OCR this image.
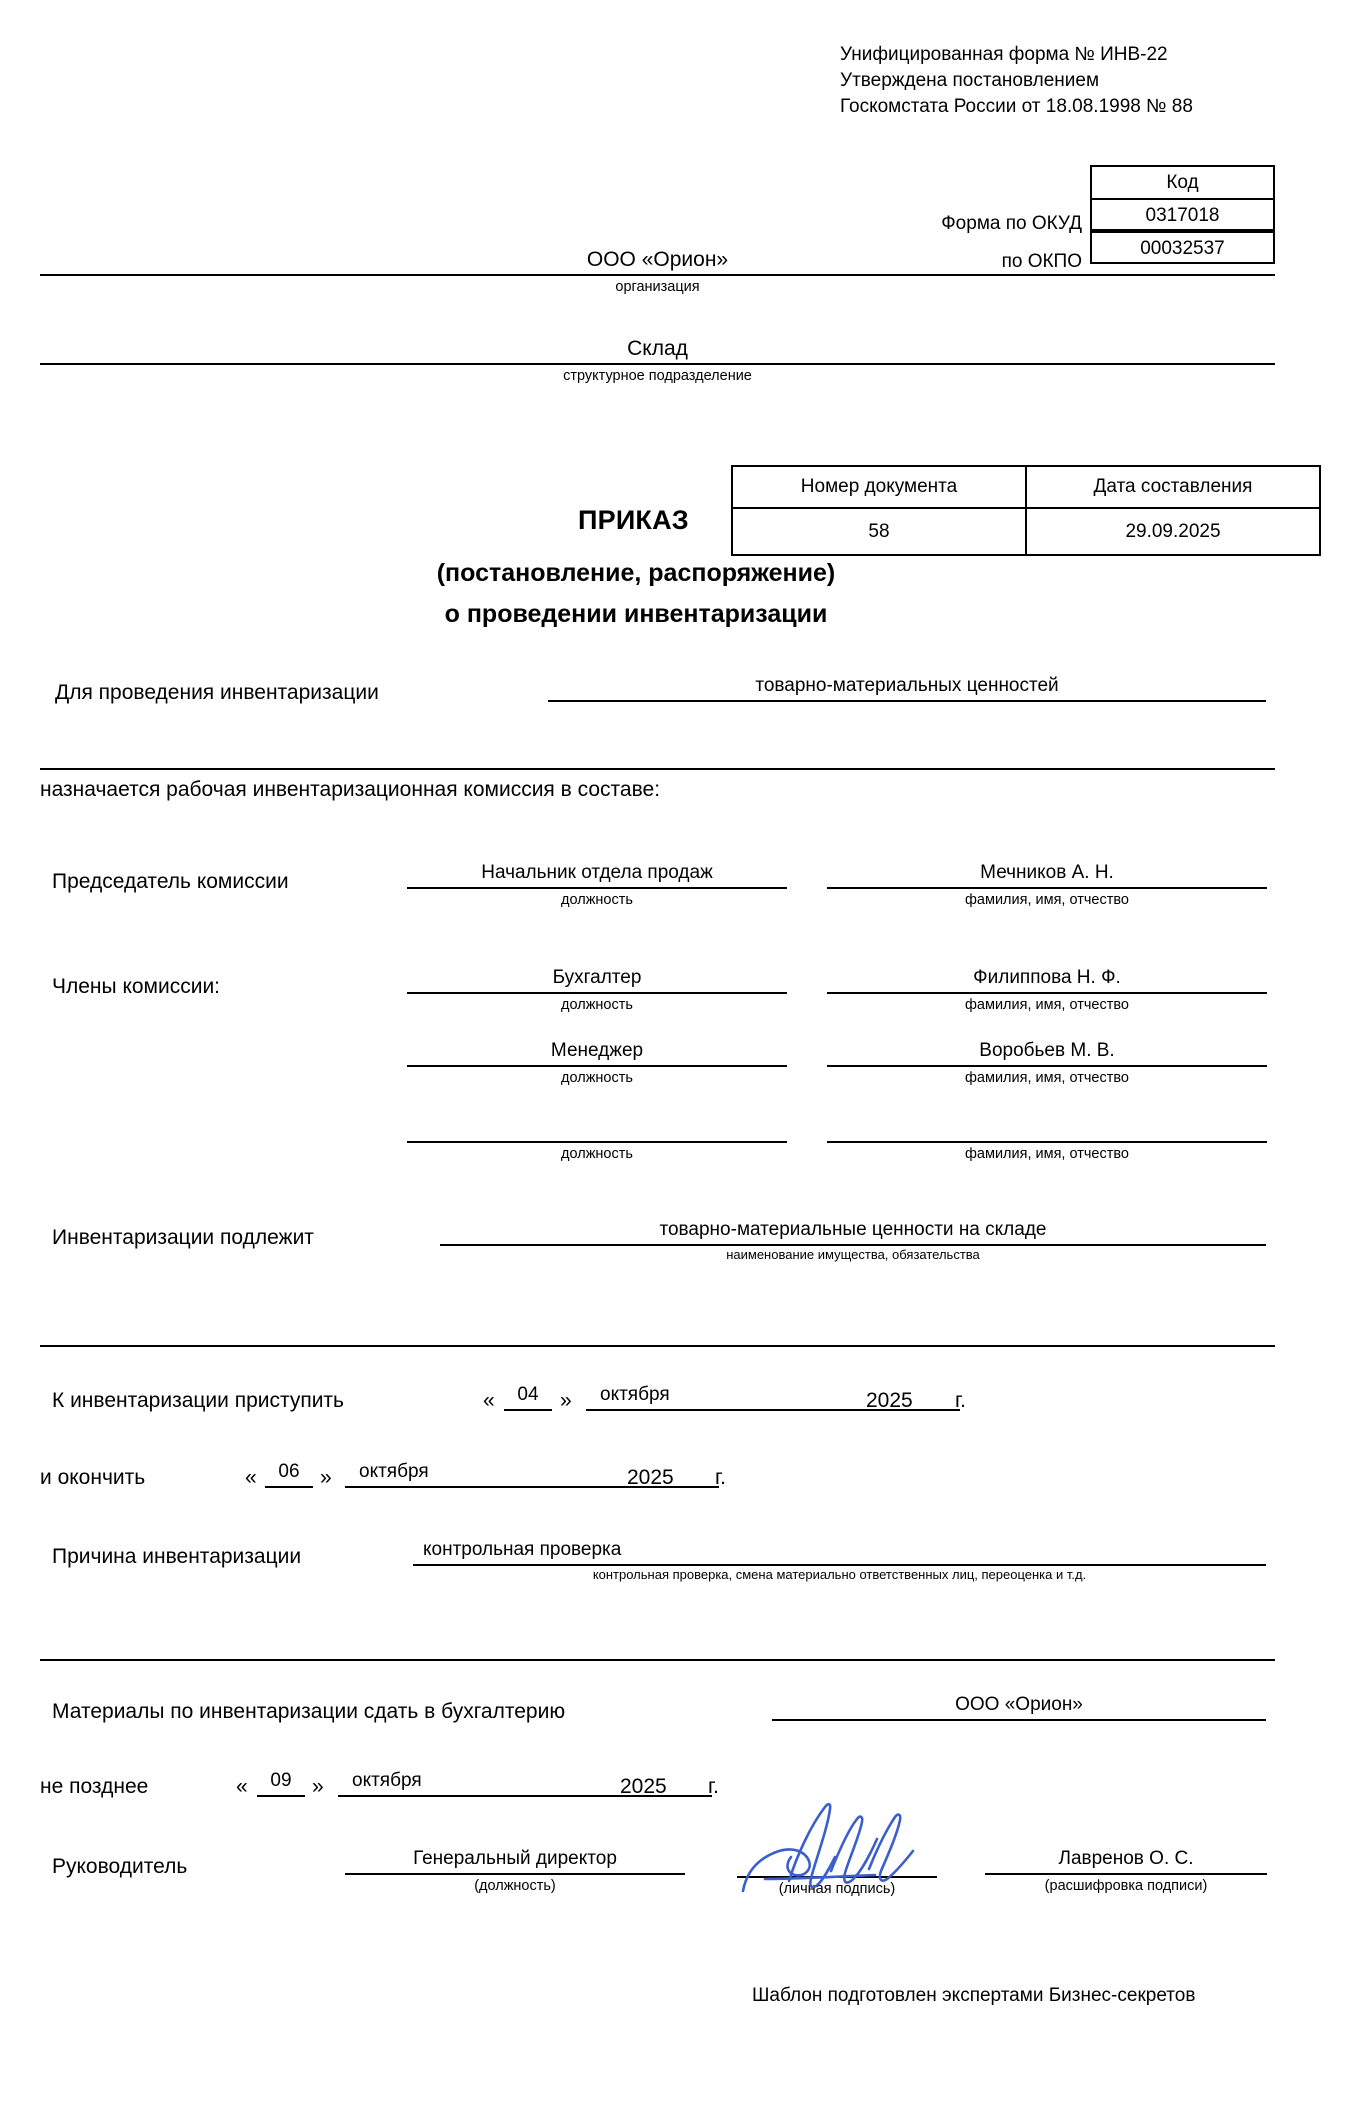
Унифицированная форма № ИНВ-22
Утверждена постановлением
Госкомстата России от 18.08.1998 № 88
Код
0317018
00032537
Форма по ОКУД
по ОКПО
ООО «Орион»
организация
Склад
структурное подразделение
ПРИКАЗ
Номер документа	Дата составления
58	29.09.2025
(постановление, распоряжение)
о проведении инвентаризации
Для проведения инвентаризации	товарно-материальных ценностей
назначается рабочая инвентаризационная комиссия в составе:
Председатель комиссии	Начальник отдела продаж
должность
Мечников А. Н.
фамилия, имя, отчество
Члены комиссии:	Бухгалтер
должность
Филиппова Н. Ф.
фамилия, имя, отчество
Менеджер
должность
Воробьев М. В.
фамилия, имя, отчество
должность	фамилия, имя, отчество
Инвентаризации подлежит	товарно-материальные ценности на складе
наименование имущества, обязательства
К инвентаризации приступить	«	04	»	октября	2025 г.
и окончить	«	06 »	октября	2025 г.
Причина инвентаризации	контрольная проверка
контрольная проверка, смена материально ответственных лиц, переоценка и т.д.
Материалы по инвентаризации сдать в бухгалтерию	ООО «Орион»
не позднее	«	09 »	октября	2025 г.
Руководитель	Генеральный директор
(должность)	(личная подпись)
Лавренов О. С.
(расшифровка подписи)
Шаблон подготовлен экспертами Бизнес-секретов
